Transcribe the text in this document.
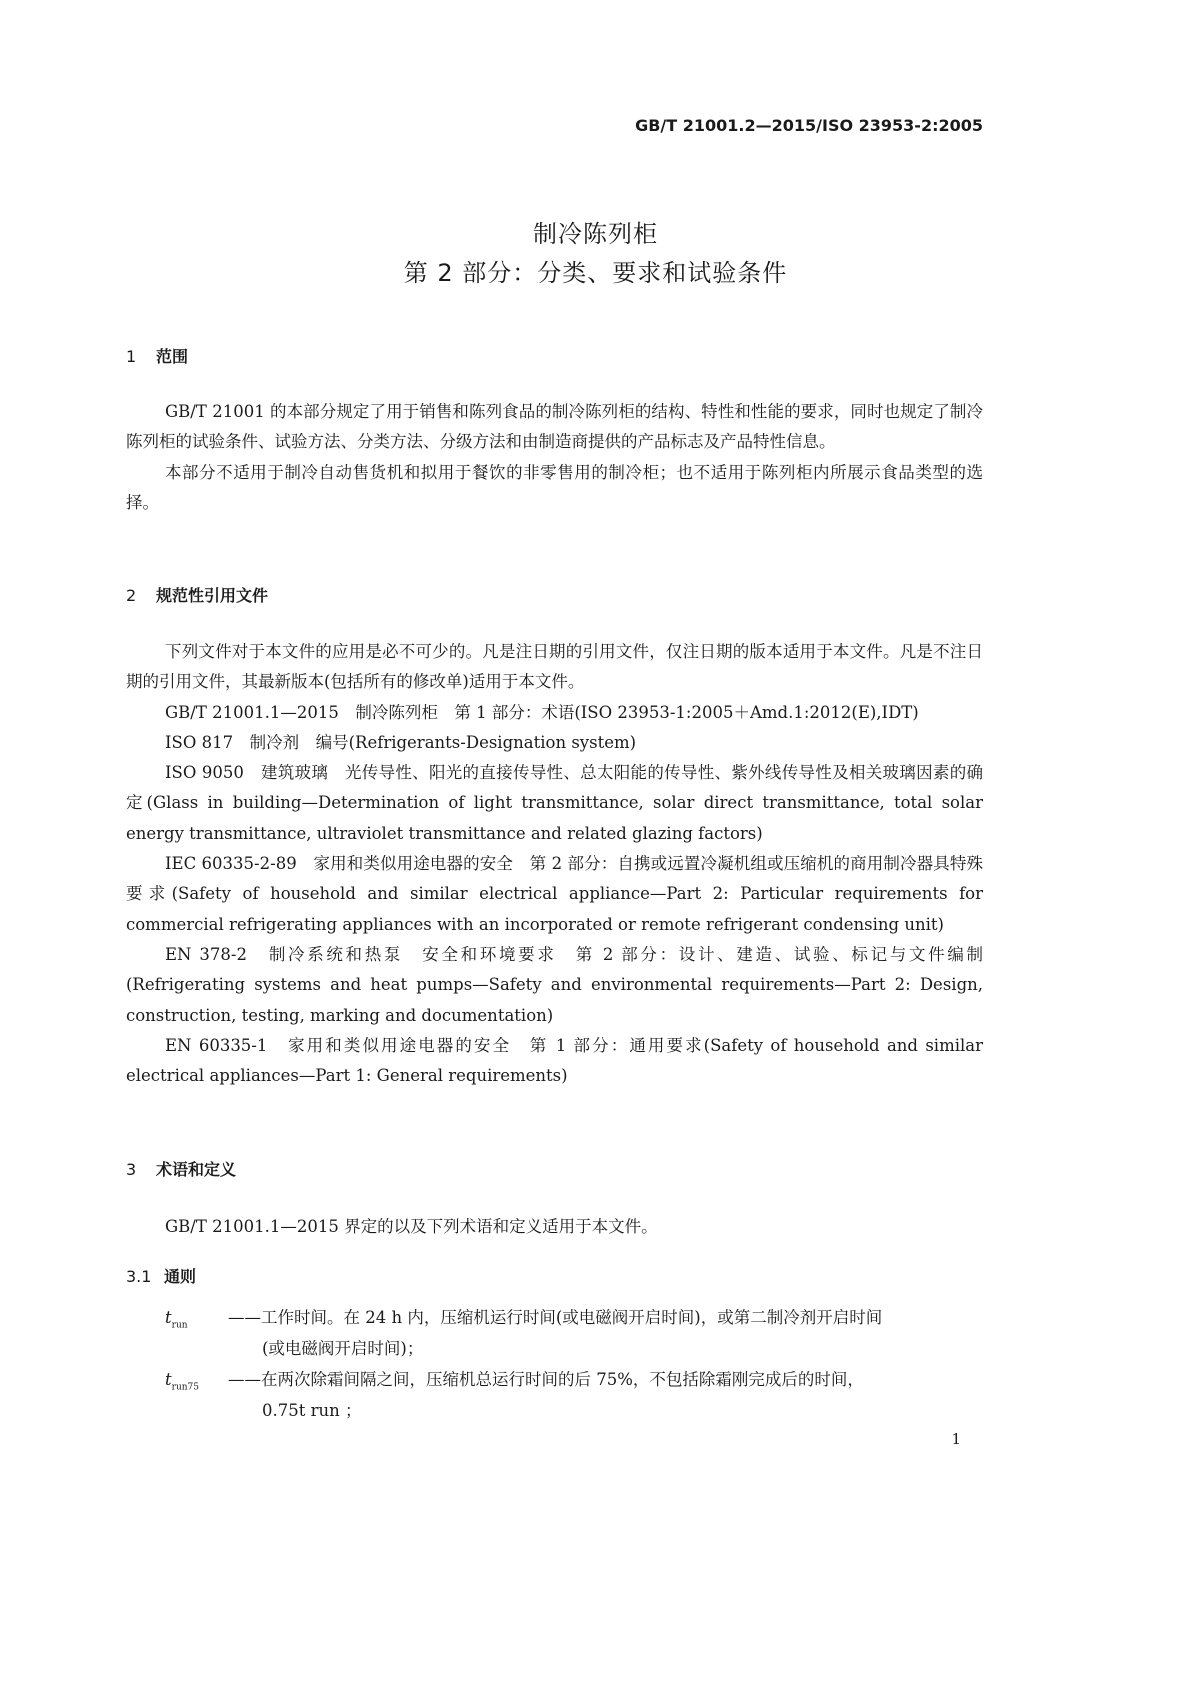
GB/T 21001.2—2015/ISO 23953-2:2005
制冷陈列柜
第 2 部分：分类、要求和试验条件
1 范围

GB/T 21001 的本部分规定了用于销售和陈列食品的制冷陈列柜的结构、特性和性能的要求，同时也规定了制冷陈列柜的试验条件、试验方法、分类方法、分级方法和由制造商提供的产品标志及产品特性信息。

本部分不适用于制冷自动售货机和拟用于餐饮的非零售用的制冷柜；也不适用于陈列柜内所展示食品类型的选择。

2 规范性引用文件

下列文件对于本文件的应用是必不可少的。凡是注日期的引用文件，仅注日期的版本适用于本文件。凡是不注日期的引用文件，其最新版本(包括所有的修改单)适用于本文件。

GB/T 21001.1—2015　制冷陈列柜　第 1 部分：术语(ISO 23953-1:2005＋Amd.1:2012(E),IDT)

ISO 817　制冷剂　编号(Refrigerants-Designation system)

ISO 9050　建筑玻璃　光传导性、阳光的直接传导性、总太阳能的传导性、紫外线传导性及相关玻璃因素的确定(Glass in building—Determination of light transmittance, solar direct transmittance, total solar energy transmittance, ultraviolet transmittance and related glazing factors)

IEC 60335-2-89　家用和类似用途电器的安全　第 2 部分：自携或远置冷凝机组或压缩机的商用制冷器具特殊要求(Safety of household and similar electrical appliance—Part 2: Particular requirements for commercial refrigerating appliances with an incorporated or remote refrigerant condensing unit)

EN 378-2　制冷系统和热泵　安全和环境要求　第 2 部分：设计、建造、试验、标记与文件编制(Refrigerating systems and heat pumps—Safety and environmental requirements—Part 2: Design, construction, testing, marking and documentation)

EN 60335-1　家用和类似用途电器的安全　第 1 部分：通用要求(Safety of household and similar electrical appliances—Part 1: General requirements)

3 术语和定义

GB/T 21001.1—2015 界定的以及下列术语和定义适用于本文件。

3.1 通则
$t_{run}$ ——工作时间。在 24 h 内，压缩机运行时间(或电磁阀开启时间)，或第二制冷剂开启时间
(或电磁阀开启时间)；
$t_{run75}$ ——在两次除霜间隔之间，压缩机总运行时间的后 75%，不包括除霜刚完成后的时间，
0.75t run ；
1
